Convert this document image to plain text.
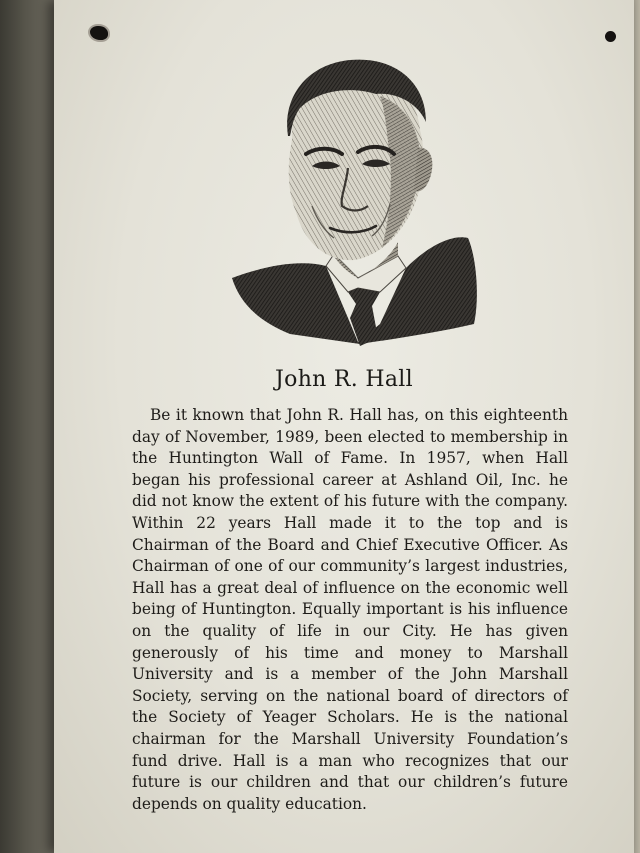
John R. Hall

Be it known that John R. Hall has, on this eighteenth day of November, 1989, been elected to membership in the Huntington Wall of Fame. In 1957, when Hall began his professional career at Ashland Oil, Inc. he did not know the extent of his future with the company. Within 22 years Hall made it to the top and is Chairman of the Board and Chief Executive Officer. As Chairman of one of our community’s largest industries, Hall has a great deal of influence on the economic well being of Huntington. Equally important is his influence on the quality of life in our City. He has given generously of his time and money to Marshall University and is a member of the John Marshall Society, serving on the national board of directors of the Society of Yeager Scholars. He is the national chairman for the Marshall University Foundation’s fund drive. Hall is a man who recognizes that our future is our children and that our children’s future depends on quality education.
